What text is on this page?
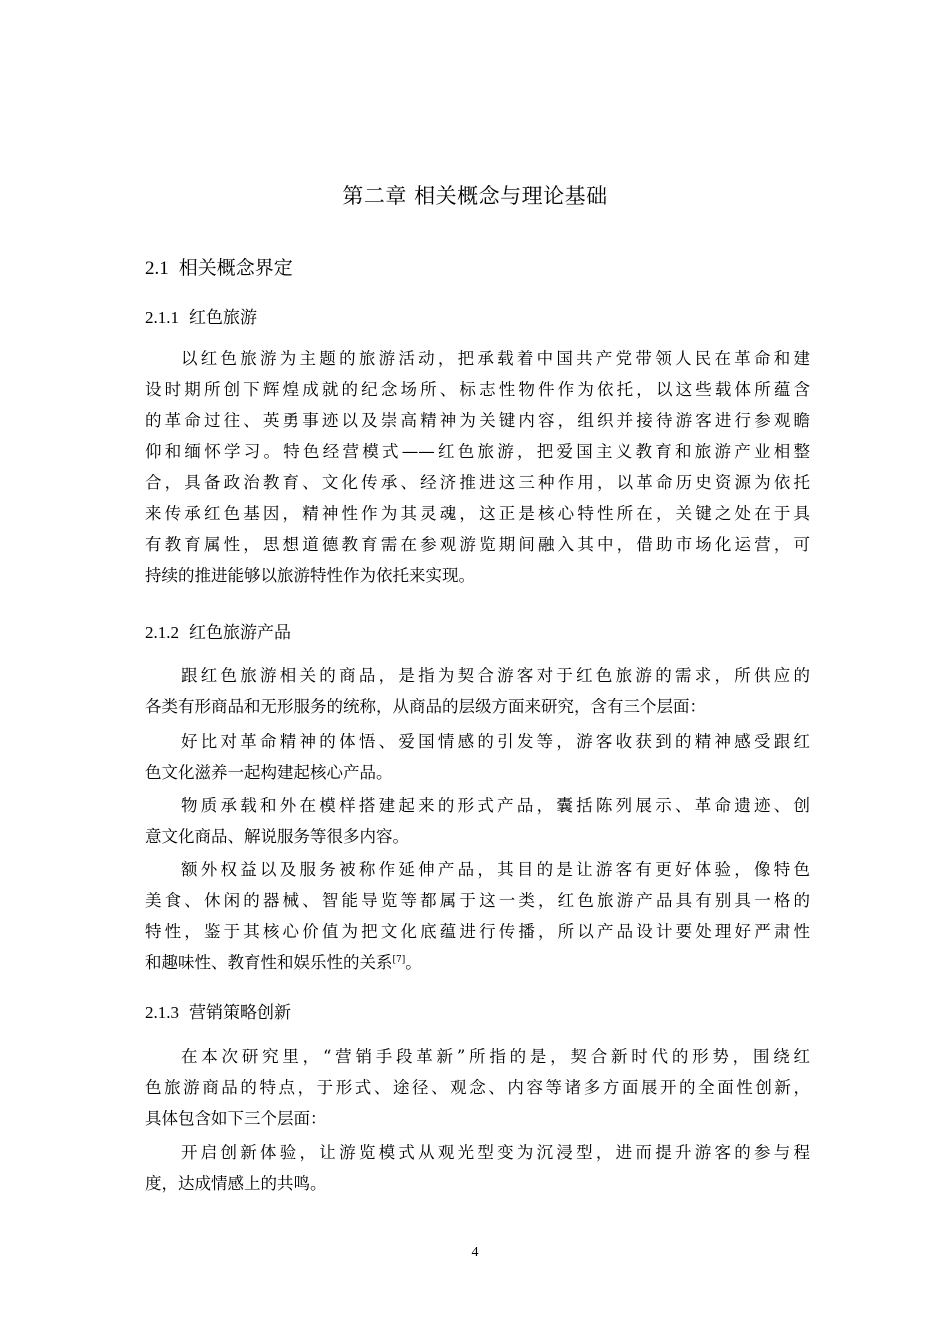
第二章 相关概念与理论基础
2.1 相关概念界定
2.1.1 红色旅游

以红色旅游为主题的旅游活动，把承载着中国共产党带领人民在革命和建
设时期所创下辉煌成就的纪念场所、标志性物件作为依托，以这些载体所蕴含
的革命过往、英勇事迹以及崇高精神为关键内容，组织并接待游客进行参观瞻
仰和缅怀学习。特色经营模式——红色旅游，把爱国主义教育和旅游产业相整
合，具备政治教育、文化传承、经济推进这三种作用，以革命历史资源为依托
来传承红色基因，精神性作为其灵魂，这正是核心特性所在，关键之处在于具
有教育属性，思想道德教育需在参观游览期间融入其中，借助市场化运营，可
持续的推进能够以旅游特性作为依托来实现。

2.1.2 红色旅游产品

跟红色旅游相关的商品，是指为契合游客对于红色旅游的需求，所供应的
各类有形商品和无形服务的统称，从商品的层级方面来研究，含有三个层面：

好比对革命精神的体悟、爱国情感的引发等，游客收获到的精神感受跟红
色文化滋养一起构建起核心产品。

物质承载和外在模样搭建起来的形式产品，囊括陈列展示、革命遗迹、创
意文化商品、解说服务等很多内容。

额外权益以及服务被称作延伸产品，其目的是让游客有更好体验，像特色
美食、休闲的器械、智能导览等都属于这一类，红色旅游产品具有别具一格的
特性，鉴于其核心价值为把文化底蕴进行传播，所以产品设计要处理好严肃性
和趣味性、教育性和娱乐性的关系[7]。

2.1.3 营销策略创新

在本次研究里，“营销手段革新”所指的是，契合新时代的形势，围绕红
色旅游商品的特点，于形式、途径、观念、内容等诸多方面展开的全面性创新，
具体包含如下三个层面：

开启创新体验，让游览模式从观光型变为沉浸型，进而提升游客的参与程
度，达成情感上的共鸣。

4
